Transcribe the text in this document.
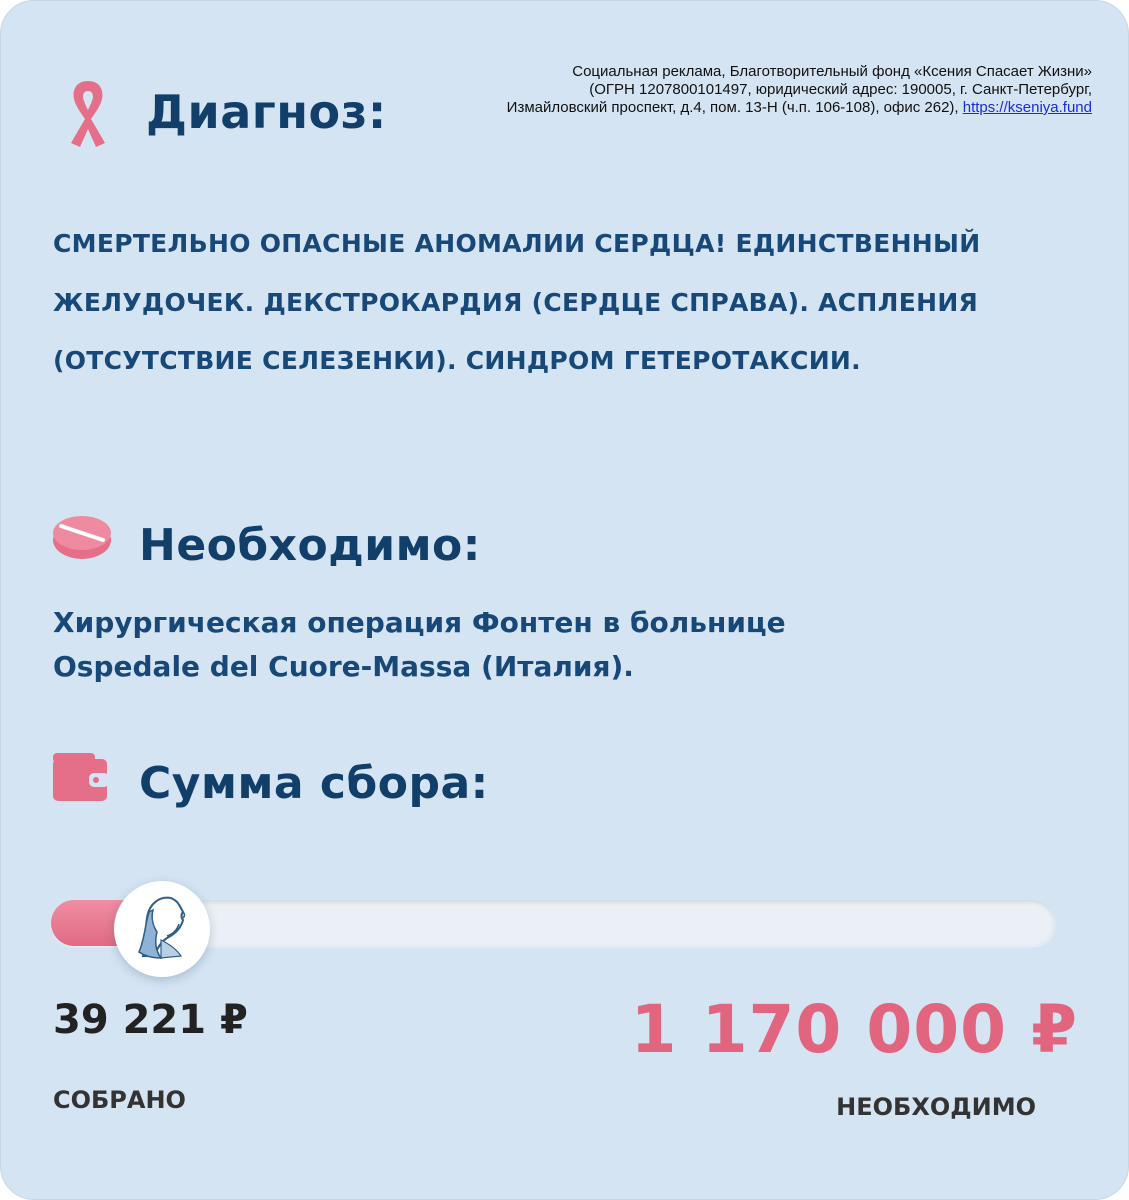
Социальная реклама, Благотворительный фонд «Ксения Спасает Жизни»
(ОГРН 1207800101497, юридический адрес: 190005, г. Санкт-Петербург,
Измайловский проспект, д.4, пом. 13-Н (ч.п. 106-108), офис 262), https://kseniya.fund
Диагноз:
СМЕРТЕЛЬНО ОПАСНЫЕ АНОМАЛИИ СЕРДЦА! ЕДИНСТВЕННЫЙ ЖЕЛУДОЧЕК. ДЕКСТРОКАРДИЯ (СЕРДЦЕ СПРАВА). АСПЛЕНИЯ (ОТСУТСТВИЕ СЕЛЕЗЕНКИ). СИНДРОМ ГЕТЕРОТАКСИИ.
Необходимо:
Хирургическая операция Фонтен в больнице
Ospedale del Cuore-Massa (Италия).
Сумма сбора:
39 221 ₽
СОБРАНО
1 170 000 ₽
НЕОБХОДИМО
